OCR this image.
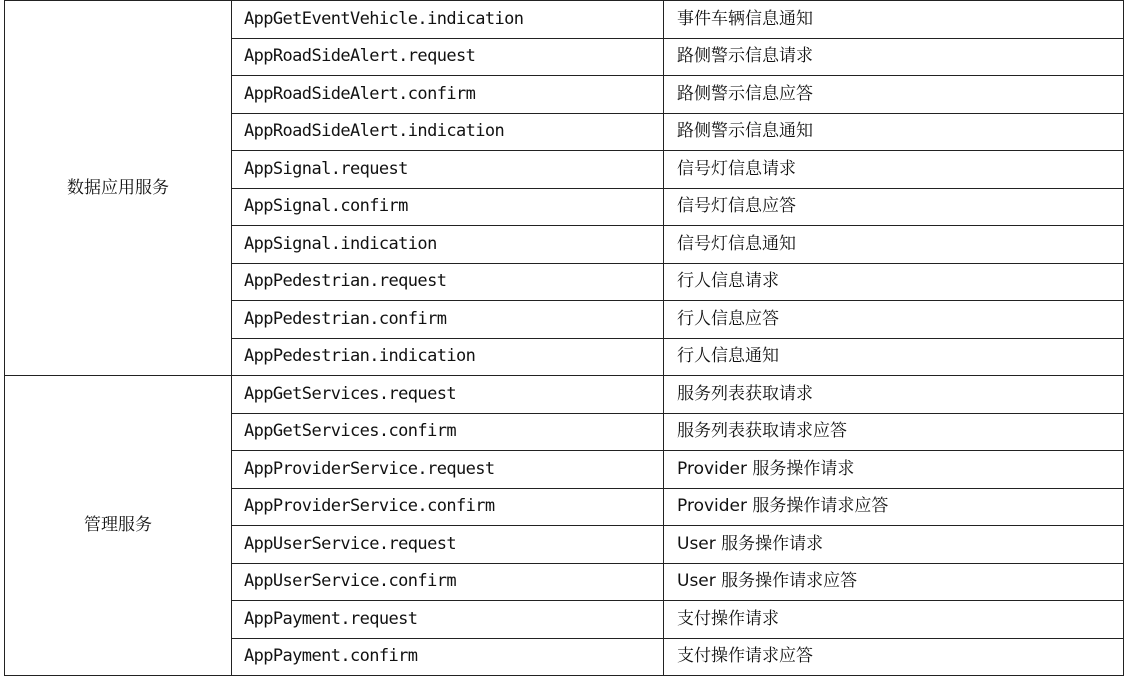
数据应用服务	AppGetEventVehicle.indication	事件车辆信息通知
	AppRoadSideAlert.request	路侧警示信息请求
	AppRoadSideAlert.confirm	路侧警示信息应答
	AppRoadSideAlert.indication	路侧警示信息通知
	AppSignal.request	信号灯信息请求
	AppSignal.confirm	信号灯信息应答
	AppSignal.indication	信号灯信息通知
	AppPedestrian.request	行人信息请求
	AppPedestrian.confirm	行人信息应答
	AppPedestrian.indication	行人信息通知
管理服务	AppGetServices.request	服务列表获取请求
	AppGetServices.confirm	服务列表获取请求应答
	AppProviderService.request	Provider 服务操作请求
	AppProviderService.confirm	Provider 服务操作请求应答
	AppUserService.request	User 服务操作请求
	AppUserService.confirm	User 服务操作请求应答
	AppPayment.request	支付操作请求
	AppPayment.confirm	支付操作请求应答
